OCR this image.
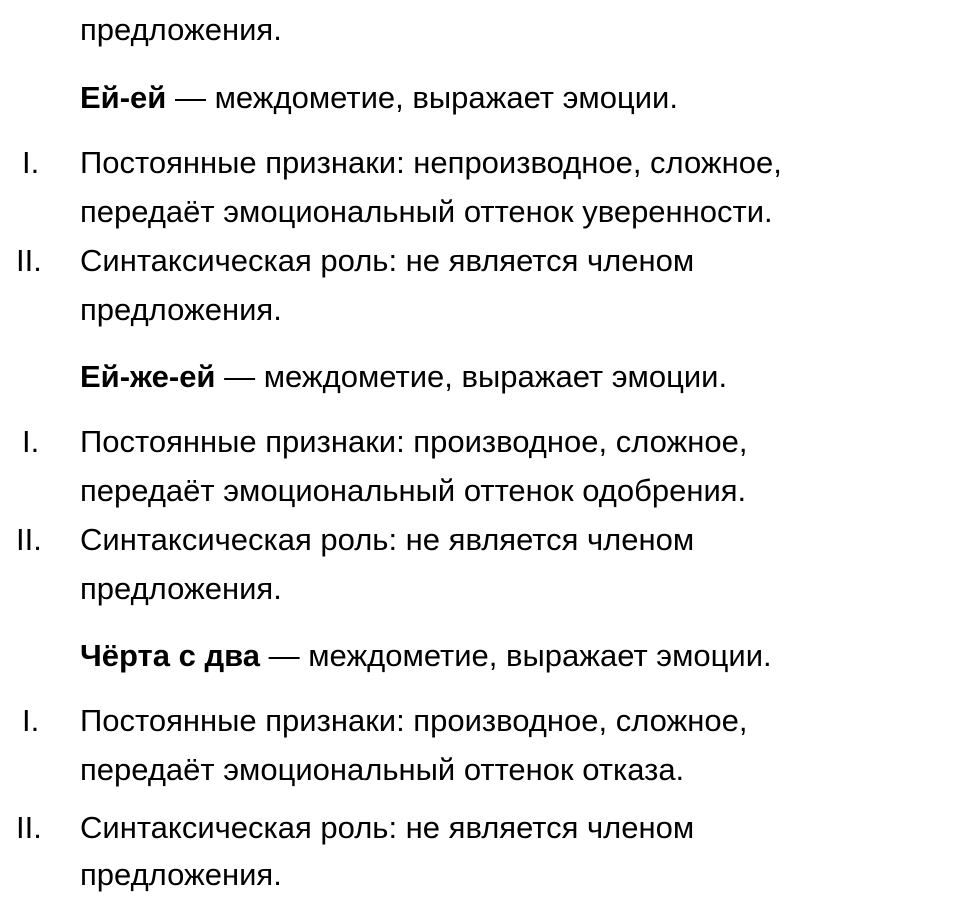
предложения.
Ей-ей — междометие, выражает эмоции.
I. Постоянные признаки: непроизводное, сложное,
передаёт эмоциональный оттенок уверенности.
II. Синтаксическая роль: не является членом
предложения.
Ей-же-ей — междометие, выражает эмоции.
I. Постоянные признаки: производное, сложное,
передаёт эмоциональный оттенок одобрения.
II. Синтаксическая роль: не является членом
предложения.
Чёрта с два — междометие, выражает эмоции.
I. Постоянные признаки: производное, сложное,
передаёт эмоциональный оттенок отказа.
II. Синтаксическая роль: не является членом
предложения.
